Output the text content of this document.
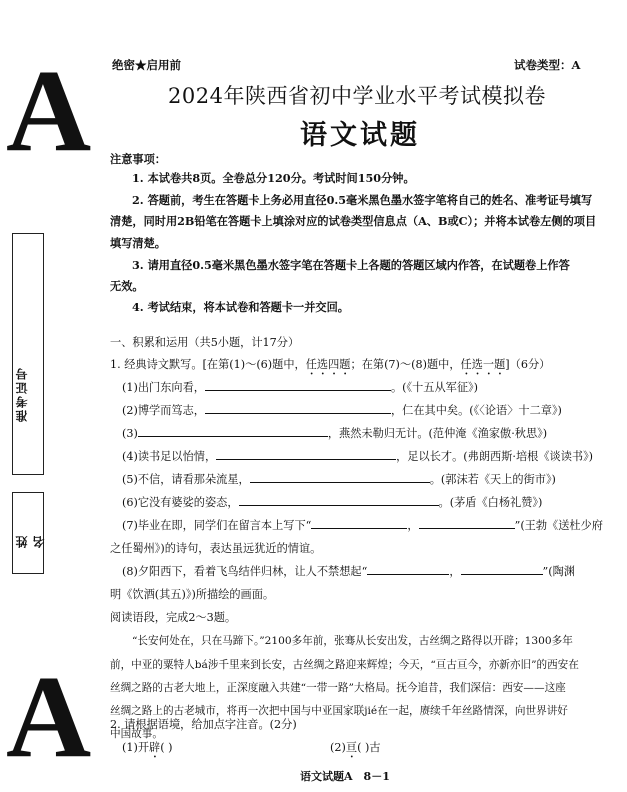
A
A
准考证号
姓名
绝密★启用前	试卷类型：A
2024年陕西省初中学业水平考试模拟卷
语文试题
注意事项：
1. 本试卷共8页。全卷总分120分。考试时间150分钟。
2. 答题前，考生在答题卡上务必用直径0.5毫米黑色墨水签字笔将自己的姓名、准考证号填写
清楚，同时用2B铅笔在答题卡上填涂对应的试卷类型信息点（A、B或C）；并将本试卷左侧的项目
填写清楚。
3. 请用直径0.5毫米黑色墨水签字笔在答题卡上各题的答题区域内作答，在试题卷上作答
无效。
4. 考试结束，将本试卷和答题卡一并交回。
一、积累和运用（共5小题，计17分）
1. 经典诗文默写。[在第(1)～(6)题中，任选四题；在第(7)～(8)题中，任选一题]（6分）
(1)出门东向看，	。(《十五从军征》)
(2)博学而笃志，	，仁在其中矣。(《〈论语〉十二章》)
(3)	，燕然未勒归无计。(范仲淹《渔家傲·秋思》)
(4)读书足以怡情，	，足以长才。(弗朗西斯·培根《谈读书》)
(5)不信，请看那朵流星，	。(郭沫若《天上的街市》)
(6)它没有婆娑的姿态，	。(茅盾《白杨礼赞》)
(7)毕业在即，同学们在留言本上写下“	，	”(王勃《送杜少府
之任蜀州》)的诗句，表达虽远犹近的情谊。
(8)夕阳西下，看着飞鸟结伴归林，让人不禁想起“	，	”(陶渊
明《饮酒(其五)》)所描绘的画面。
阅读语段，完成2～3题。
“长安何处在，只在马蹄下。”2100多年前，张骞从长安出发，古丝绸之路得以开辟；1300多年
前，中亚的粟特人bá涉千里来到长安，古丝绸之路迎来辉煌；今天，“亘古亘今，亦新亦旧”的西安在
丝绸之路的古老大地上，正深度融入共建“一带一路”大格局。抚今追昔，我们深信：西安——这座
丝绸之路上的古老城市，将再一次把中国与中亚国家联jié在一起，赓续千年丝路情深，向世界讲好
中国故事。
2. 请根据语境，给加点字注音。(2分)
(1)开辟( )	(2)亘( )古
语文试题A　8－1
